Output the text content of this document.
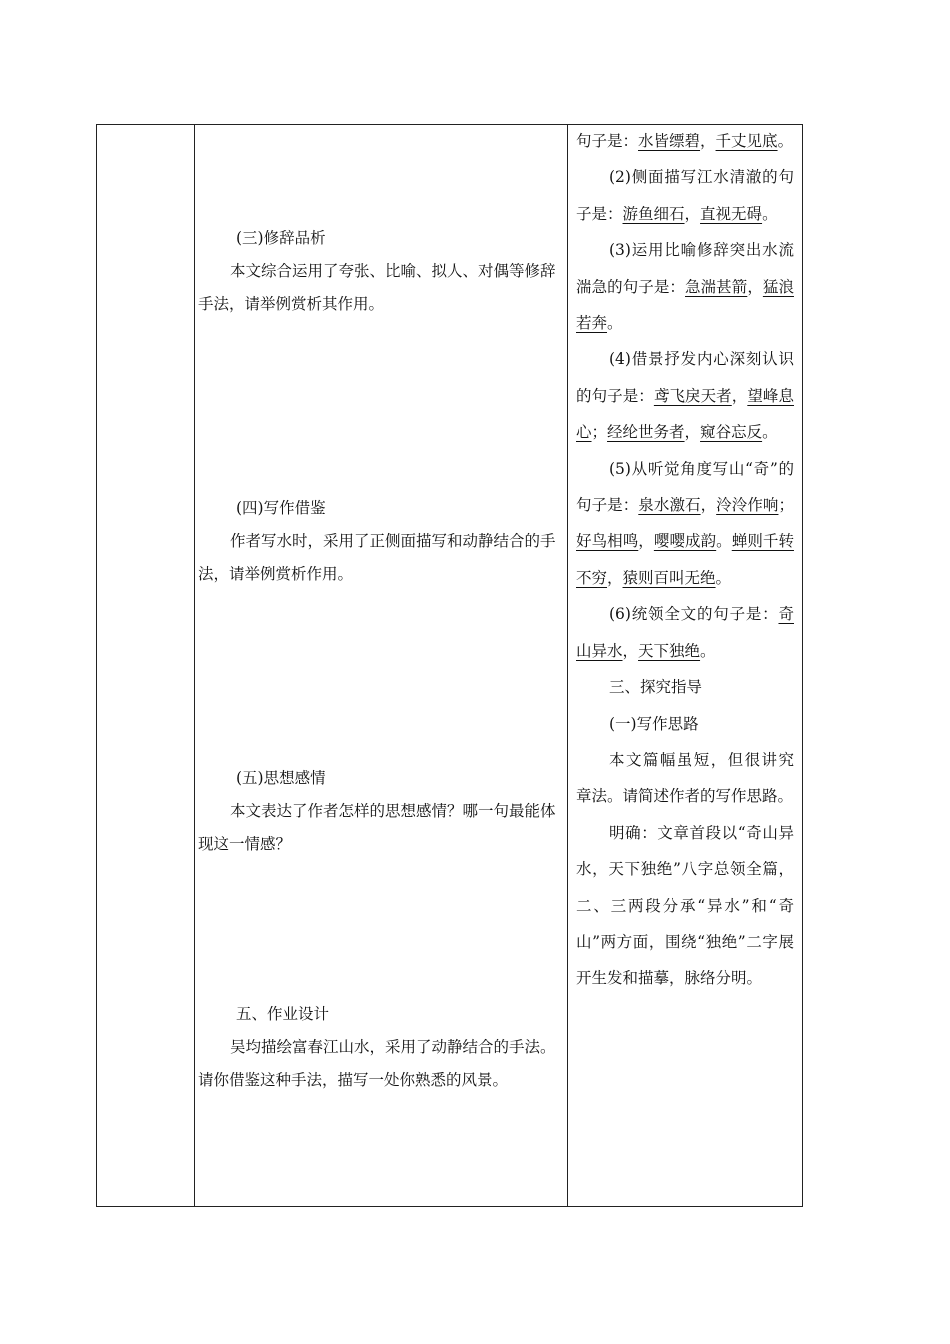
(三)修辞品析

本文综合运用了夸张、比喻、拟人、对偶等修辞手法，请举例赏析其作用。

(四)写作借鉴

作者写水时，采用了正侧面描写和动静结合的手法，请举例赏析作用。

(五)思想感情

本文表达了作者怎样的思想感情？哪一句最能体现这一情感？

五、作业设计

吴均描绘富春江山水，采用了动静结合的手法。请你借鉴这种手法，描写一处你熟悉的风景。

句子是：水皆缥碧，千丈见底。

(2)侧面描写江水清澈的句子是：游鱼细石，直视无碍。

(3)运用比喻修辞突出水流湍急的句子是：急湍甚箭，猛浪若奔。

(4)借景抒发内心深刻认识的句子是：鸢飞戾天者，望峰息心；经纶世务者，窥谷忘反。

(5)从听觉角度写山“奇”的句子是：泉水激石，泠泠作响；好鸟相鸣，嘤嘤成韵。蝉则千转不穷，猿则百叫无绝。

(6)统领全文的句子是：奇山异水，天下独绝。

三、探究指导

(一)写作思路

本文篇幅虽短，但很讲究章法。请简述作者的写作思路。

明确：文章首段以“奇山异水，天下独绝”八字总领全篇，二、三两段分承“异水”和“奇山”两方面，围绕“独绝”二字展开生发和描摹，脉络分明。
